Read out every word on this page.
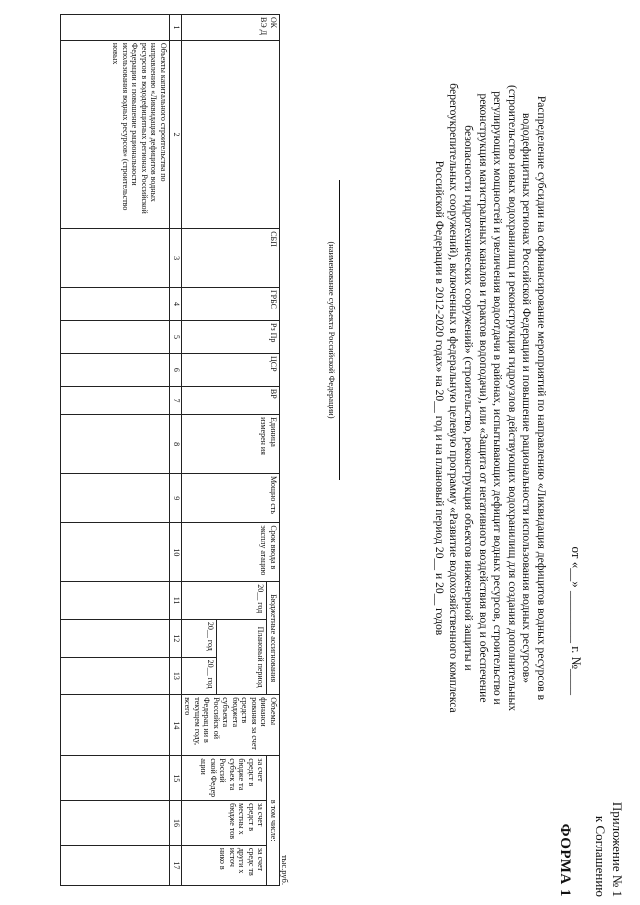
Приложение № 1
к Соглашению
ФОРМА 1
от «__» ________ г. №____
Распределение субсидии на софинансирование мероприятий по направлению «Ликвидация дефицитов водных ресурсов в вододефицитных регионах Российской Федерации и повышение рациональности использования водных ресурсов» (строительство новых водохранилищ и реконструкция гидроузлов действующих водохранилищ для создания дополнительных регулирующих мощностей и увеличения водоотдачи в районах, испытывающих дефицит водных ресурсов, строительство и реконструкция магистральных каналов и трактов водоподачи), или «Защита от негативного воздействия вод и обеспечение безопасности гидротехнических сооружений» (строительство, реконструкция объектов инженерной защиты и берегоукрепительных сооружений), включенных в федеральную целевую программу «Развитие водохозяйственного комплекса Российской Федерации в 2012-2020 годах» на 20__ год и на плановый период 20__ и 20__ годов
(наименование субъекта Российской Федерации)
тыс.руб.
ОК ВЭ Д		СБП	ГРБС	Рз Пр	ЦСР	ВР	Единица измерен ия	Мощно сть	Срок ввода в эксплу атацию	Бюджетные ассигнования			Объемы финанси рования за счет средств бюджета субъекта Российск ой Федерац ии в текущем году, всего	в том числе:		
										20__ год	Плановый период			за счет средст в бюдже та субъек та Россий ской Федер ации	за счет средст в местны х бюдже тов	за счет средс тв други х источ нико в
											20__ год	20__ год				
1	2	3	4	5	6	7	8	9	10	11	12	13	14	15	16	17
	Объекты капитального строительства по направлению «Ликвидация дефицитов водных ресурсов в вододефицитных регионах Российской Федерации и повышение рациональности использования водных ресурсов» (строительство новых															
